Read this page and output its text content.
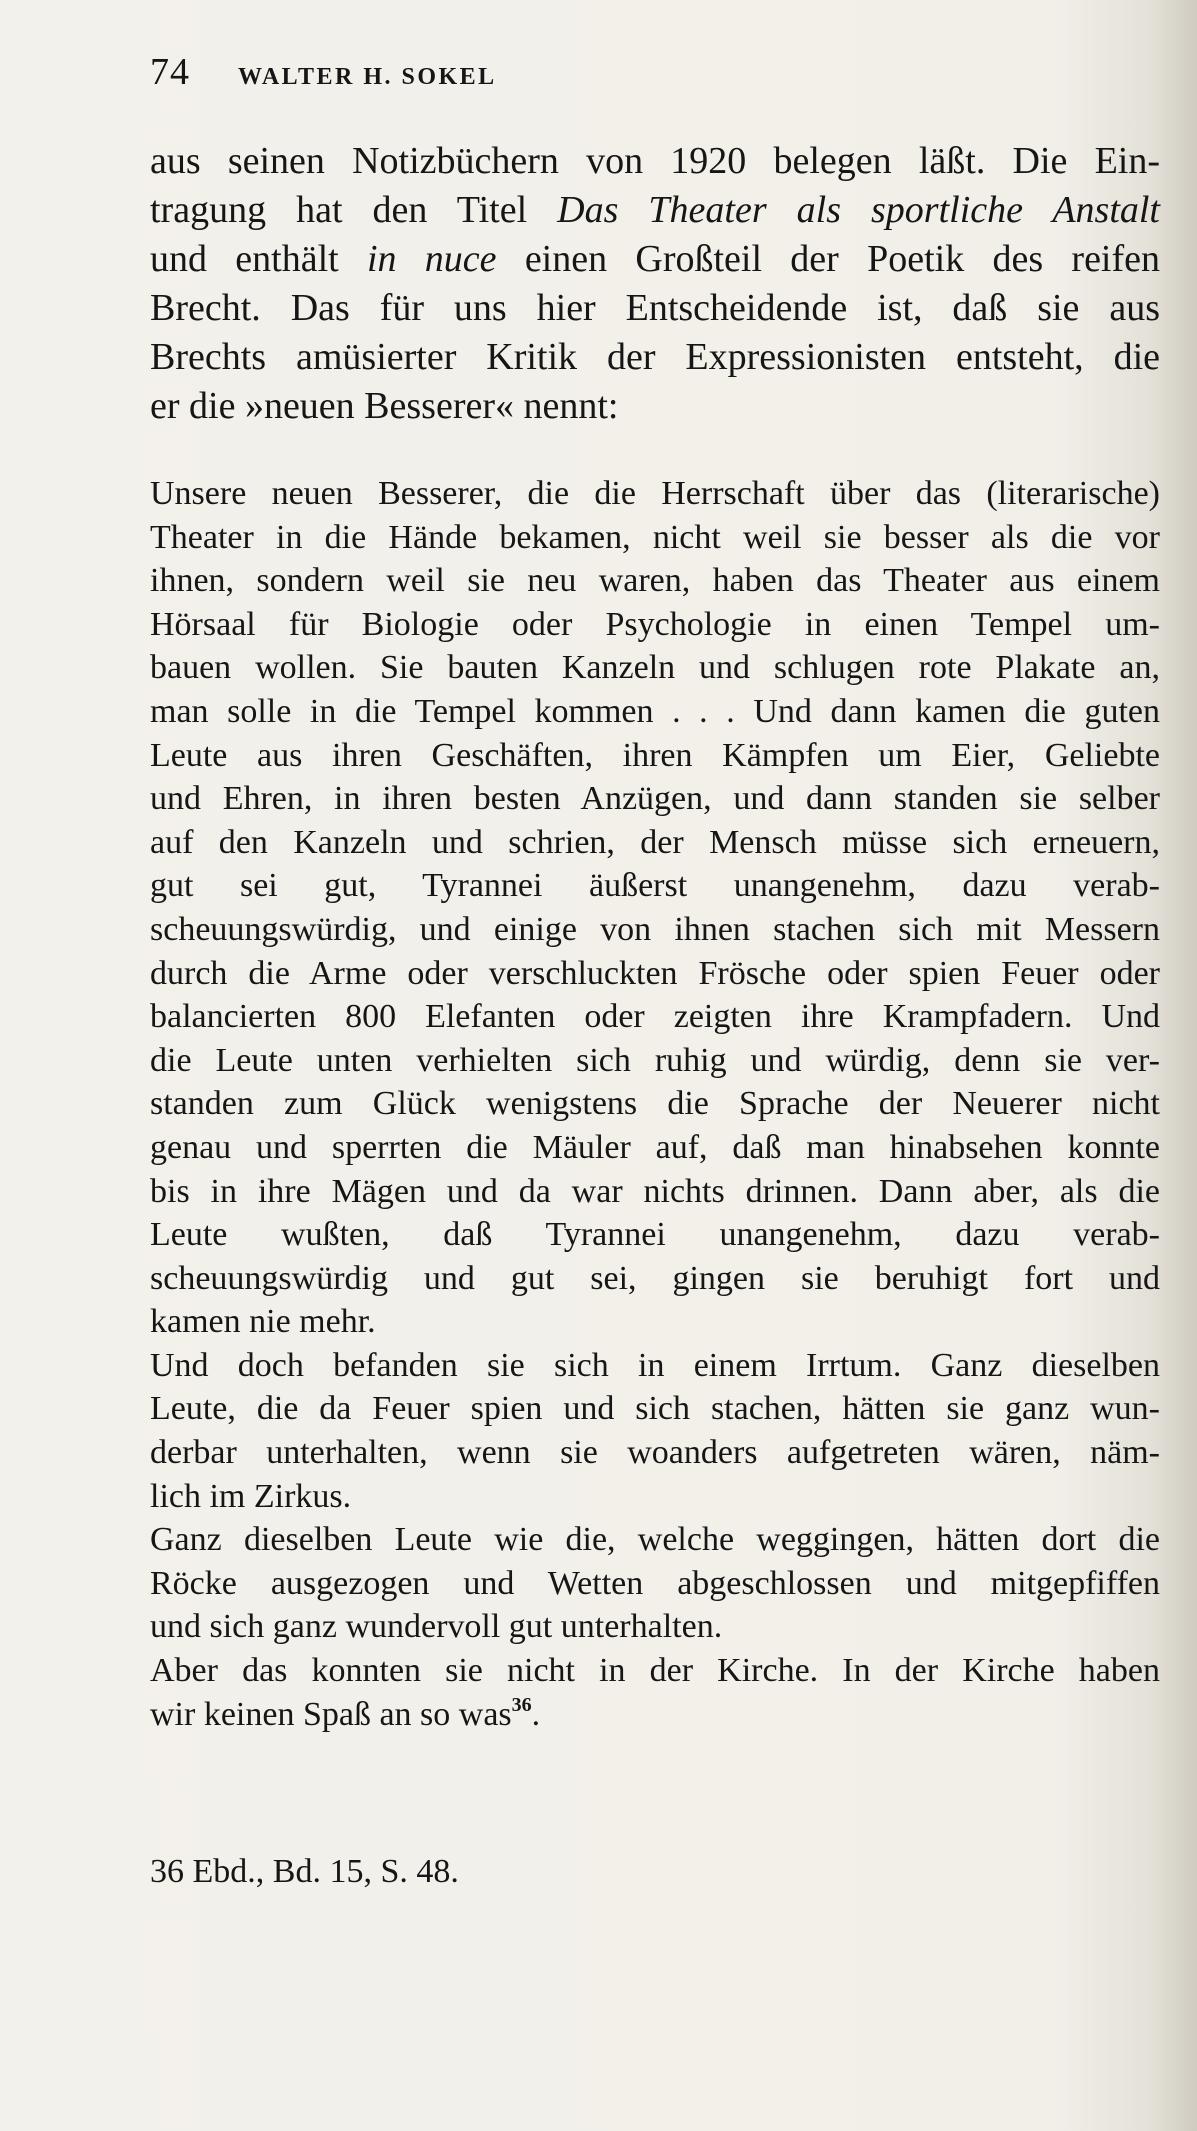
74 WALTER H. SOKEL
aus seinen Notizbüchern von 1920 belegen läßt. Die Ein-
tragung hat den Titel Das Theater als sportliche Anstalt
und enthält in nuce einen Großteil der Poetik des reifen
Brecht. Das für uns hier Entscheidende ist, daß sie aus
Brechts amüsierter Kritik der Expressionisten entsteht, die
er die »neuen Besserer« nennt:
Unsere neuen Besserer, die die Herrschaft über das (literarische)
Theater in die Hände bekamen, nicht weil sie besser als die vor
ihnen, sondern weil sie neu waren, haben das Theater aus einem
Hörsaal für Biologie oder Psychologie in einen Tempel um-
bauen wollen. Sie bauten Kanzeln und schlugen rote Plakate an,
man solle in die Tempel kommen . . . Und dann kamen die guten
Leute aus ihren Geschäften, ihren Kämpfen um Eier, Geliebte
und Ehren, in ihren besten Anzügen, und dann standen sie selber
auf den Kanzeln und schrien, der Mensch müsse sich erneuern,
gut sei gut, Tyrannei äußerst unangenehm, dazu verab-
scheuungswürdig, und einige von ihnen stachen sich mit Messern
durch die Arme oder verschluckten Frösche oder spien Feuer oder
balancierten 800 Elefanten oder zeigten ihre Krampfadern. Und
die Leute unten verhielten sich ruhig und würdig, denn sie ver-
standen zum Glück wenigstens die Sprache der Neuerer nicht
genau und sperrten die Mäuler auf, daß man hinabsehen konnte
bis in ihre Mägen und da war nichts drinnen. Dann aber, als die
Leute wußten, daß Tyrannei unangenehm, dazu verab-
scheuungswürdig und gut sei, gingen sie beruhigt fort und
kamen nie mehr.
Und doch befanden sie sich in einem Irrtum. Ganz dieselben
Leute, die da Feuer spien und sich stachen, hätten sie ganz wun-
derbar unterhalten, wenn sie woanders aufgetreten wären, näm-
lich im Zirkus.
Ganz dieselben Leute wie die, welche weggingen, hätten dort die
Röcke ausgezogen und Wetten abgeschlossen und mitgepfiffen
und sich ganz wundervoll gut unterhalten.
Aber das konnten sie nicht in der Kirche. In der Kirche haben
wir keinen Spaß an so was$^{36}$.
36 Ebd., Bd. 15, S. 48.
